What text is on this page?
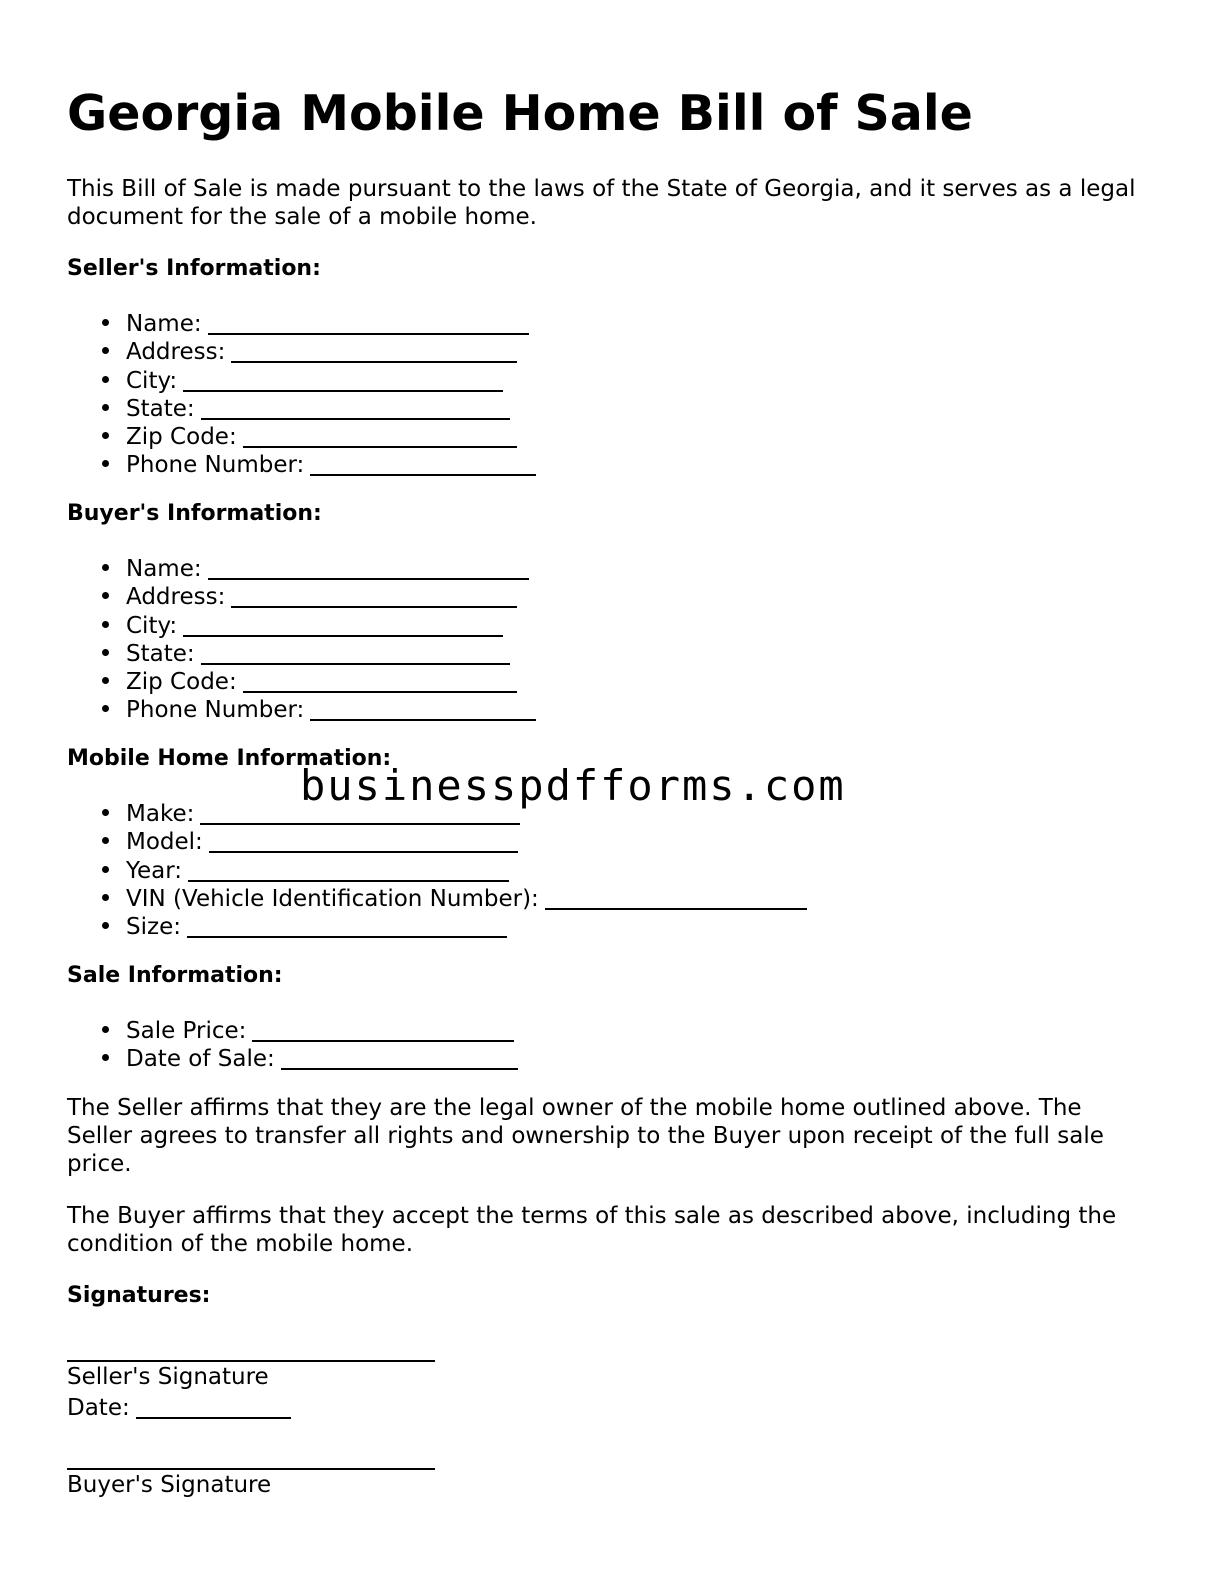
Georgia Mobile Home Bill of Sale

This Bill of Sale is made pursuant to the laws of the State of Georgia, and it serves as a legal document for the sale of a mobile home.

Seller's Information:

Name:
Address:
City:
State:
Zip Code:
Phone Number:

Buyer's Information:

Name:
Address:
City:
State:
Zip Code:
Phone Number:

Mobile Home Information:

Make:
Model:
Year:
VIN (Vehicle Identification Number):
Size:

Sale Information:

Sale Price:
Date of Sale:

The Seller affirms that they are the legal owner of the mobile home outlined above. The Seller agrees to transfer all rights and ownership to the Buyer upon receipt of the full sale price.

The Buyer affirms that they accept the terms of this sale as described above, including the condition of the mobile home.

Signatures:

Seller's Signature

Date:

Buyer's Signature

businesspdfforms.com
